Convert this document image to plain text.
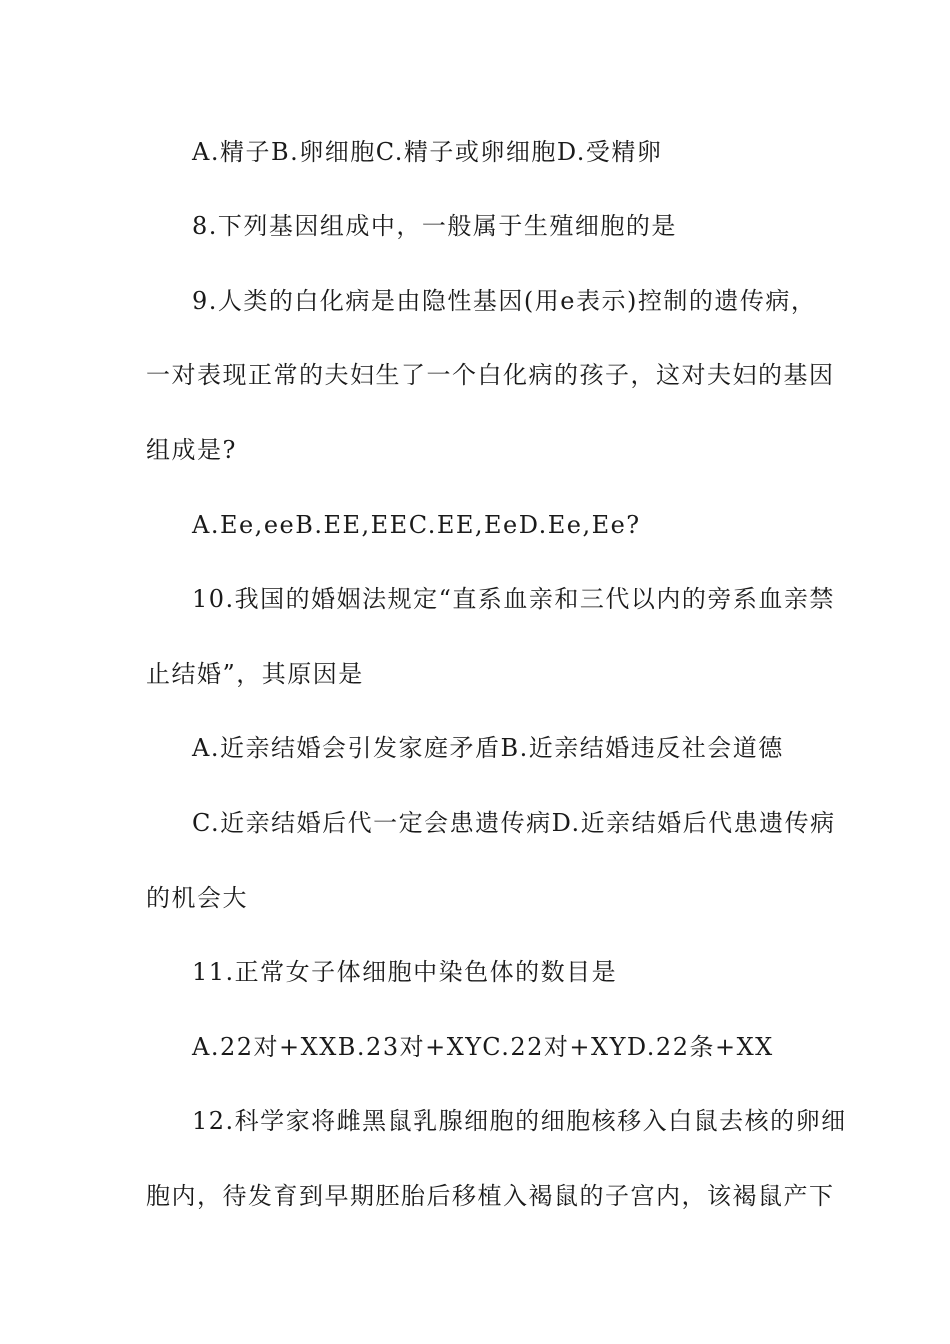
A.精子B.卵细胞C.精子或卵细胞D.受精卵
8.下列基因组成中，一般属于生殖细胞的是
9.人类的白化病是由隐性基因(用e表示)控制的遗传病，
一对表现正常的夫妇生了一个白化病的孩子，这对夫妇的基因
组成是?
A.Ee,eeB.EE,EEC.EE,EeD.Ee,Ee?
10.我国的婚姻法规定“直系血亲和三代以内的旁系血亲禁
止结婚”，其原因是
A.近亲结婚会引发家庭矛盾B.近亲结婚违反社会道德
C.近亲结婚后代一定会患遗传病D.近亲结婚后代患遗传病
的机会大
11.正常女子体细胞中染色体的数目是
A.22对+XXB.23对+XYC.22对+XYD.22条+XX
12.科学家将雌黑鼠乳腺细胞的细胞核移入白鼠去核的卵细
胞内，待发育到早期胚胎后移植入褐鼠的子宫内，该褐鼠产下
